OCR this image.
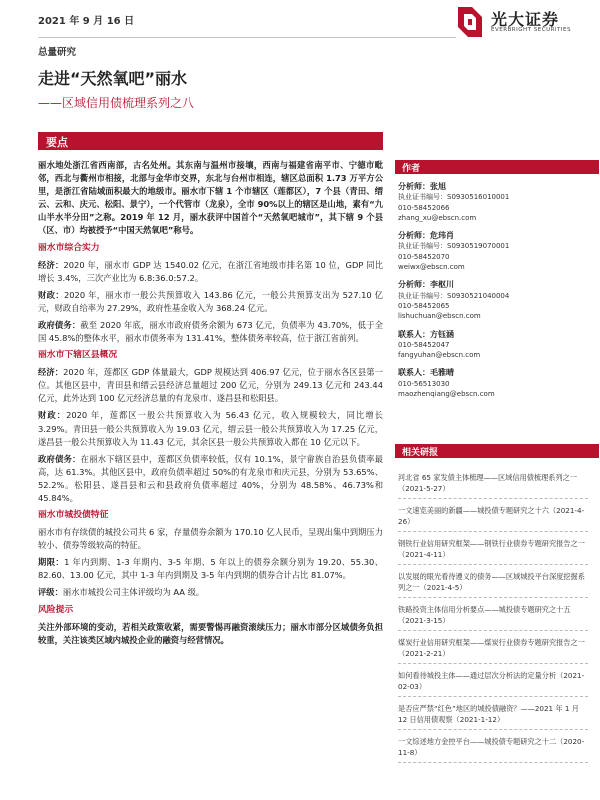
2021 年 9 月 16 日	光大证券
EVERBRIGHT SECURITIES
总量研究
走进“天然氧吧”丽水
——区域信用债梳理系列之八
要点

丽水地处浙江省西南部，古名处州。其东南与温州市接壤，西南与福建省南平市、宁德市毗邻，西北与衢州市相接，北部与金华市交界，东北与台州市相连，辖区总面积 1.73 万平方公里，是浙江省陆域面积最大的地级市。丽水市下辖 1 个市辖区（莲都区），7 个县（青田、缙云、云和、庆元、松阳、景宁），一个代管市（龙泉），全市 90%以上的辖区是山地，素有“九山半水半分田”之称。2019 年 12 月，丽水获评中国首个“天然氧吧城市”，其下辖 9 个县（区、市）均被授予“中国天然氧吧”称号。

丽水市综合实力

经济：2020 年，丽水市 GDP 达 1540.02 亿元，在浙江省地级市排名第 10 位，GDP 同比增长 3.4%，三次产业比为 6.8:36.0:57.2。

财政：2020 年，丽水市一般公共预算收入 143.86 亿元，一般公共预算支出为 527.10 亿元，财政自给率为 27.29%，政府性基金收入为 368.24 亿元。

政府债务：截至 2020 年底，丽水市政府债务余额为 673 亿元，负债率为 43.70%，低于全国 45.8%的整体水平，丽水市债务率为 131.41%，整体债务率较高，位于浙江省前列。

丽水市下辖区县概况

经济：2020 年，莲都区 GDP 体量最大，GDP 规模达到 406.97 亿元，位于丽水各区县第一位。其他区县中，青田县和缙云县经济总量超过 200 亿元，分别为 249.13 亿元和 243.44 亿元，此外达到 100 亿元经济总量的有龙泉市、遂昌县和松阳县。

财政：2020 年，莲都区一般公共预算收入为 56.43 亿元，收入规模较大，同比增长 3.29%。青田县一般公共预算收入为 19.03 亿元，缙云县一般公共预算收入为 17.25 亿元，遂昌县一般公共预算收入为 11.43 亿元，其余区县一般公共预算收入都在 10 亿元以下。

政府债务：在丽水下辖区县中，莲都区负债率较低，仅有 10.1%，景宁畲族自治县负债率最高，达 61.3%。其他区县中，政府负债率超过 50%的有龙泉市和庆元县，分别为 53.65%、52.2%。松阳县、遂昌县和云和县政府负债率超过 40%，分别为 48.58%、46.73%和 45.84%。

丽水市城投债特征

丽水市有存续债的城投公司共 6 家，存量债券余额为 170.10 亿人民币，呈现出集中到期压力较小、债券等级较高的特征。

期限：1 年内到期、1-3 年期内、3-5 年期、5 年以上的债券余额分别为 19.20、55.30、82.60、13.00 亿元，其中 1-3 年内到期及 3-5 年内到期的债券合计占比 81.07%。

评级：丽水市城投公司主体评级均为 AA 级。

风险提示

关注外部环境的变动，若相关政策收紧，需要警惕再融资滚续压力；丽水市部分区域债务负担较重，关注该类区域内城投企业的融资与经营情况。

作者
分析师：张旭
执业证书编号：S0930516010001
010-58452066
zhang_xu@ebscn.com
分析师：危玮肖
执业证书编号：S0930519070001
010-58452070
weiwx@ebscn.com
分析师：李枢川
执业证书编号：S0930521040004
010-58452065
lishuchuan@ebscn.com
联系人：方钰涵
010-58452047
fangyuhan@ebscn.com
联系人：毛雅晴
010-56513030
maozhenqiang@ebscn.com
相关研报
河北省 65 家发债主体梳理——区域信用债梳理系列之一（2021-5-27）
一文速览美丽的新疆——城投债专题研究之十六（2021-4-26）
钢铁行业信用研究框架——钢铁行业债券专题研究报告之一（2021-4-11）
以发展的眼光看待遵义的债务——区域城投平台深度挖掘系列之一（2021-4-5）
铁路投资主体信用分析要点——城投债专题研究之十五（2021-3-15）
煤炭行业信用研究框架——煤炭行业债券专题研究报告之一（2021-2-21）
如何看待城投主体——通过层次分析法的定量分析（2021-02-03）
是否应严禁“红色”地区的城投债融资？——2021 年 1 月 12 日信用债观察（2021-1-12）
一文综述地方金控平台——城投债专题研究之十二（2020-11-8）
